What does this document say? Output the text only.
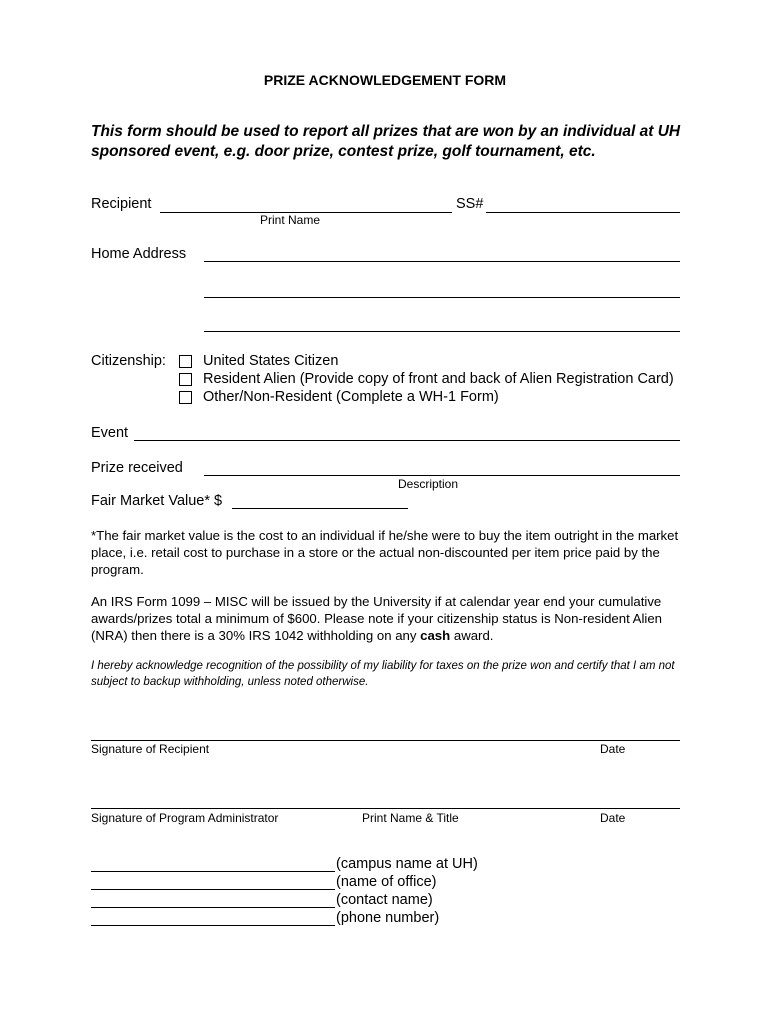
PRIZE ACKNOWLEDGEMENT FORM
This form should be used to report all prizes that are won by an individual at UH sponsored event, e.g. door prize, contest prize, golf tournament, etc.
Recipient	SS#
Print Name
Home Address
Citizenship:	United States Citizen
Resident Alien (Provide copy of front and back of Alien Registration Card)
Other/Non-Resident (Complete a WH-1 Form)
Event
Prize received
Description
Fair Market Value* $
*The fair market value is the cost to an individual if he/she were to buy the item outright in the market place, i.e. retail cost to purchase in a store or the actual non-discounted per item price paid by the program.
An IRS Form 1099 – MISC will be issued by the University if at calendar year end your cumulative awards/prizes total a minimum of $600. Please note if your citizenship status is Non-resident Alien (NRA) then there is a 30% IRS 1042 withholding on any cash award.
I hereby acknowledge recognition of the possibility of my liability for taxes on the prize won and certify that I am not subject to backup withholding, unless noted otherwise.
Signature of Recipient	Date
Signature of Program Administrator	Print Name & Title	Date
(campus name at UH)
(name of office)
(contact name)
(phone number)
